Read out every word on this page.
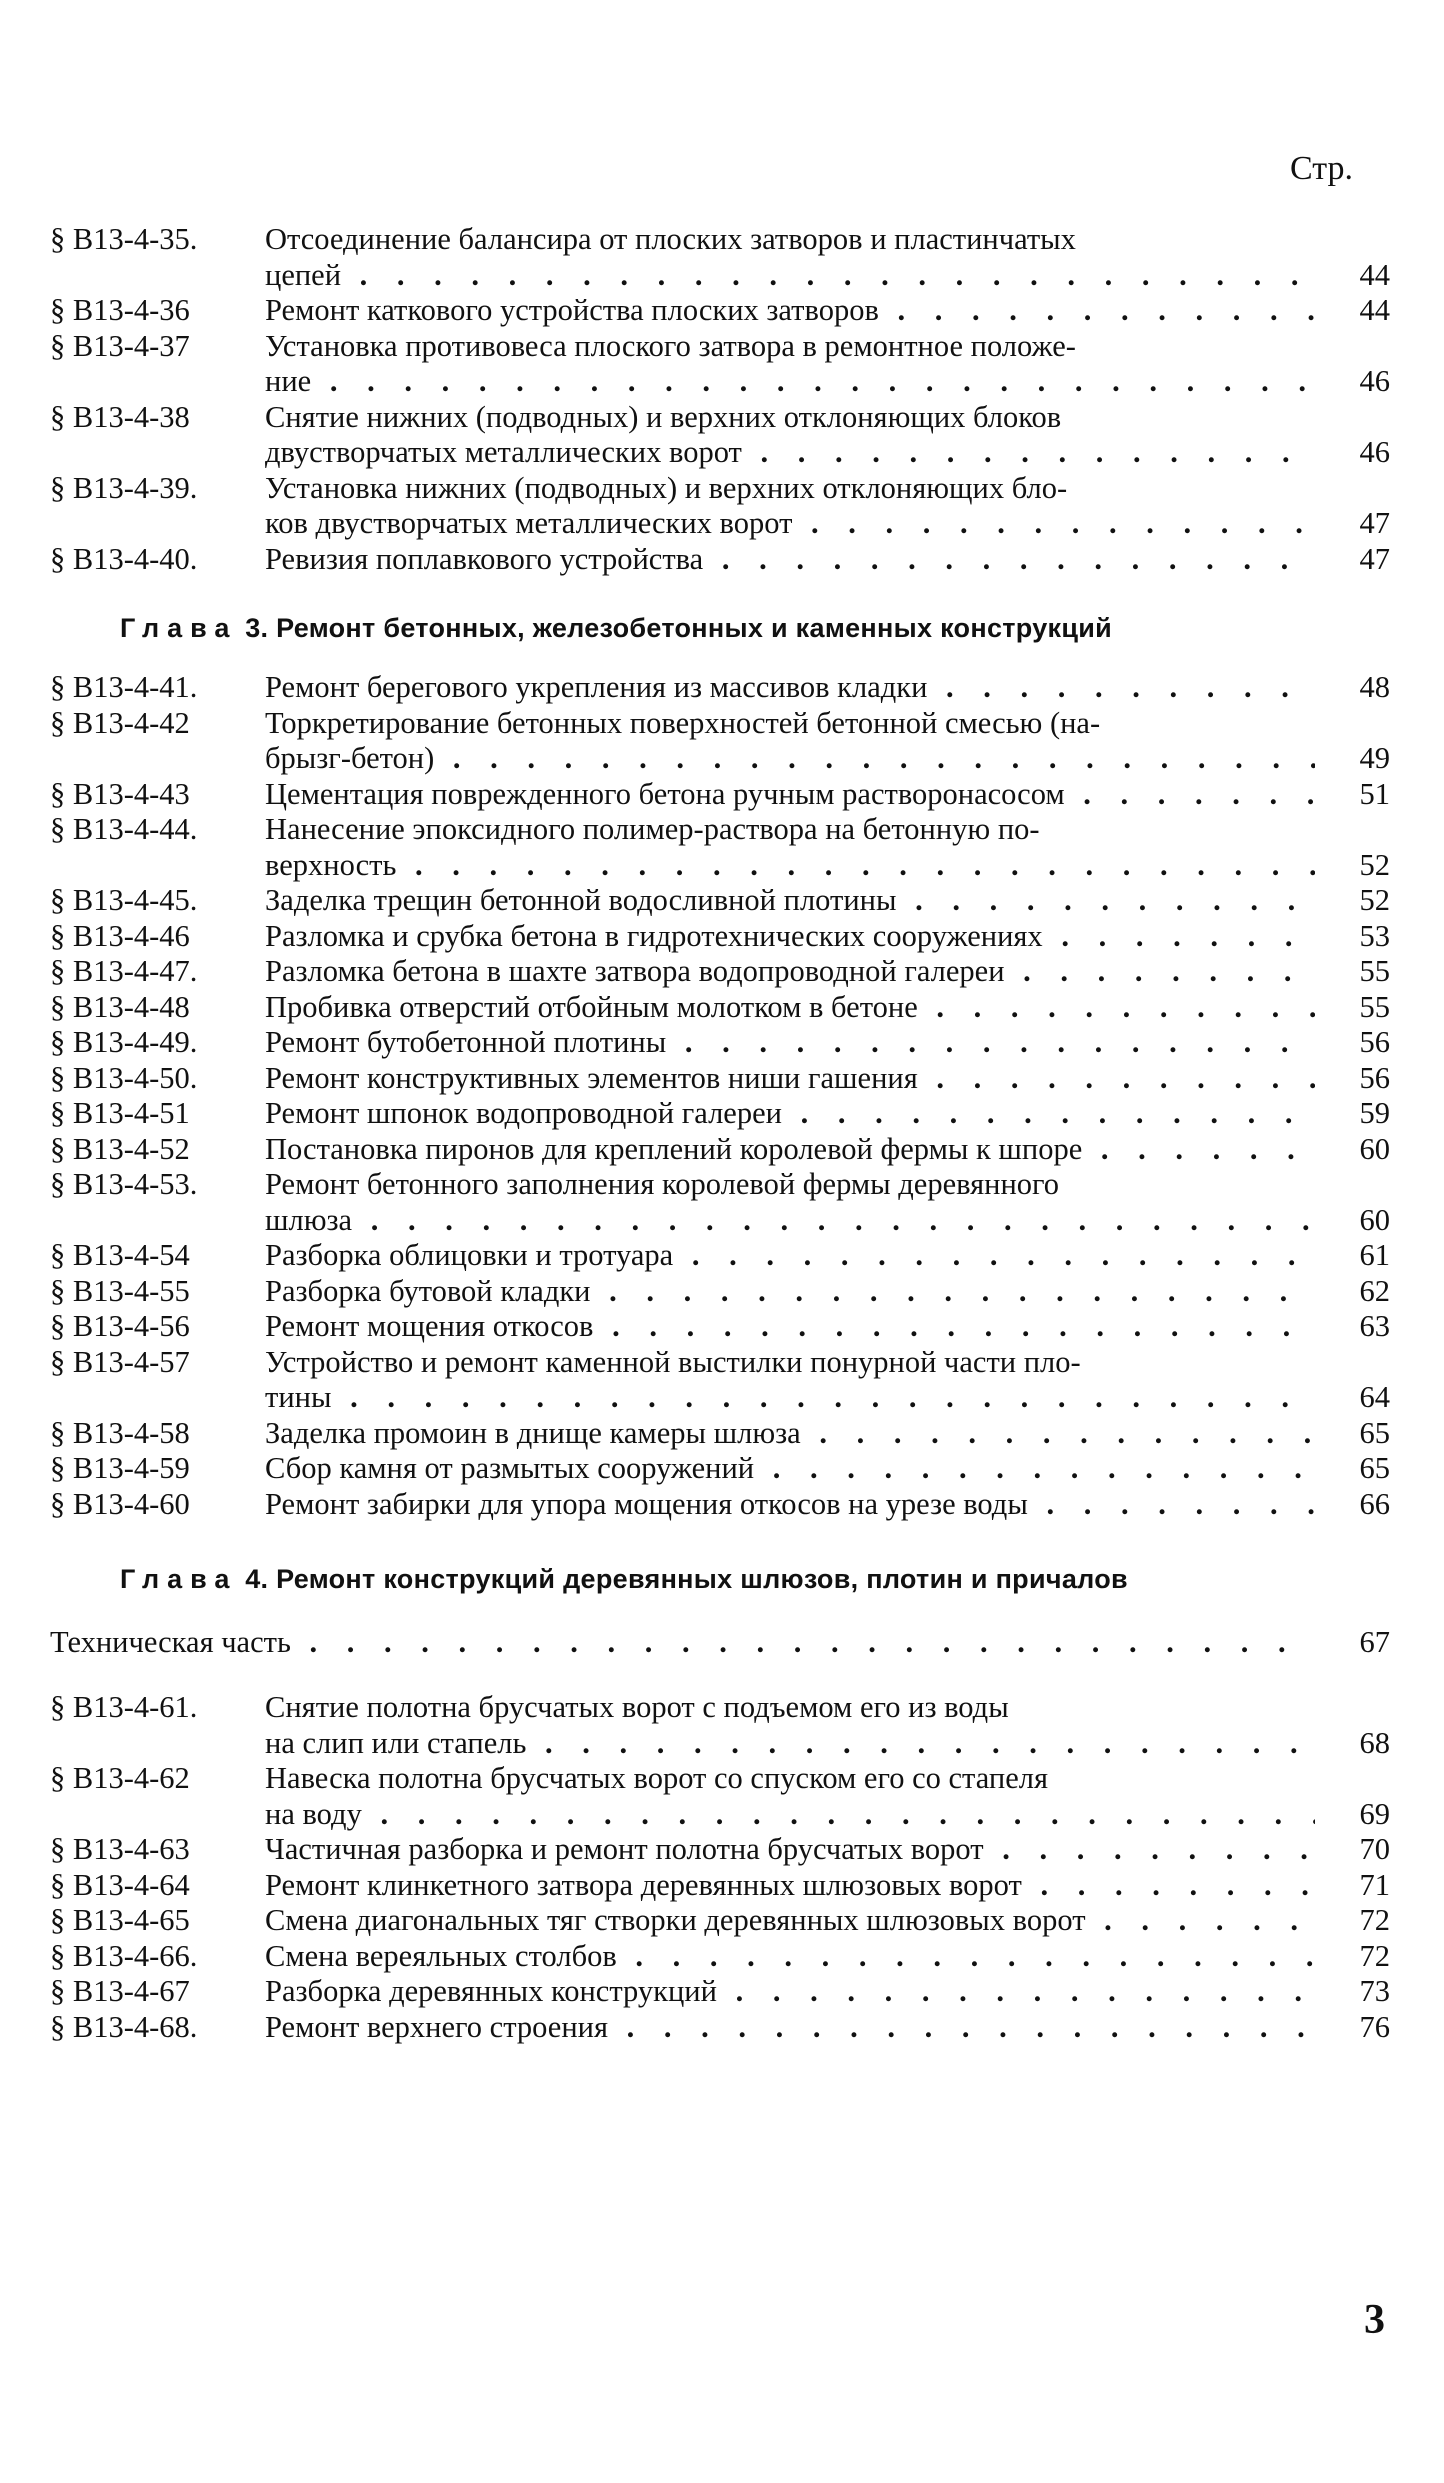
Стр.
§ В13-4-35.	Отсоединение балансира от плоских затворов и пластинчатых
цепей . . .	44
§ В13-4-36	Ремонт каткового устройства плоских затворов . . .	44
§ В13-4-37	Установка противовеса плоского затвора в ремонтное положе-
ние . . .	46
§ В13-4-38	Снятие нижних (подводных) и верхних отклоняющих блоков
двустворчатых металлических ворот . . .	46
§ В13-4-39.	Установка нижних (подводных) и верхних отклоняющих бло-
ков двустворчатых металлических ворот . . .	47
§ В13-4-40.	Ревизия поплавкового устройства . . .	47
Глава 3. Ремонт бетонных, железобетонных и каменных конструкций
§ В13-4-41.	Ремонт берегового укрепления из массивов кладки . . .	48
§ В13-4-42	Торкретирование бетонных поверхностей бетонной смесью (на-
брызг-бетон) . . .	49
§ В13-4-43	Цементация поврежденного бетона ручным растворонасосом . . .	51
§ В13-4-44.	Нанесение эпоксидного полимер-раствора на бетонную по-
верхность . . .	52
§ В13-4-45.	Заделка трещин бетонной водосливной плотины . . .	52
§ В13-4-46	Разломка и срубка бетона в гидротехнических сооружениях . . .	53
§ В13-4-47.	Разломка бетона в шахте затвора водопроводной галереи . . .	55
§ В13-4-48	Пробивка отверстий отбойным молотком в бетоне . . .	55
§ В13-4-49.	Ремонт бутобетонной плотины . . .	56
§ В13-4-50.	Ремонт конструктивных элементов ниши гашения . . .	56
§ В13-4-51	Ремонт шпонок водопроводной галереи . . .	59
§ В13-4-52	Постановка пиронов для креплений королевой фермы к шпоре . . .	60
§ В13-4-53.	Ремонт бетонного заполнения королевой фермы деревянного
шлюза . . .	60
§ В13-4-54	Разборка облицовки и тротуара . . .	61
§ В13-4-55	Разборка бутовой кладки . . .	62
§ В13-4-56	Ремонт мощения откосов . . .	63
§ В13-4-57	Устройство и ремонт каменной выстилки понурной части пло-
тины . . .	64
§ В13-4-58	Заделка промоин в днище камеры шлюза . . .	65
§ В13-4-59	Сбор камня от размытых сооружений . . .	65
§ В13-4-60	Ремонт забирки для упора мощения откосов на урезе воды . . .	66
Глава 4. Ремонт конструкций деревянных шлюзов, плотин и причалов
Техническая часть . . .	67
§ В13-4-61.	Снятие полотна брусчатых ворот с подъемом его из воды
на слип или стапель . . .	68
§ В13-4-62	Навеска полотна брусчатых ворот со спуском его со стапеля
на воду . . .	69
§ В13-4-63	Частичная разборка и ремонт полотна брусчатых ворот . . .	70
§ В13-4-64	Ремонт клинкетного затвора деревянных шлюзовых ворот . . .	71
§ В13-4-65	Смена диагональных тяг створки деревянных шлюзовых ворот . . .	72
§ В13-4-66.	Смена вереяльных столбов . . .	72
§ В13-4-67	Разборка деревянных конструкций . . .	73
§ В13-4-68.	Ремонт верхнего строения . . .	76
3
